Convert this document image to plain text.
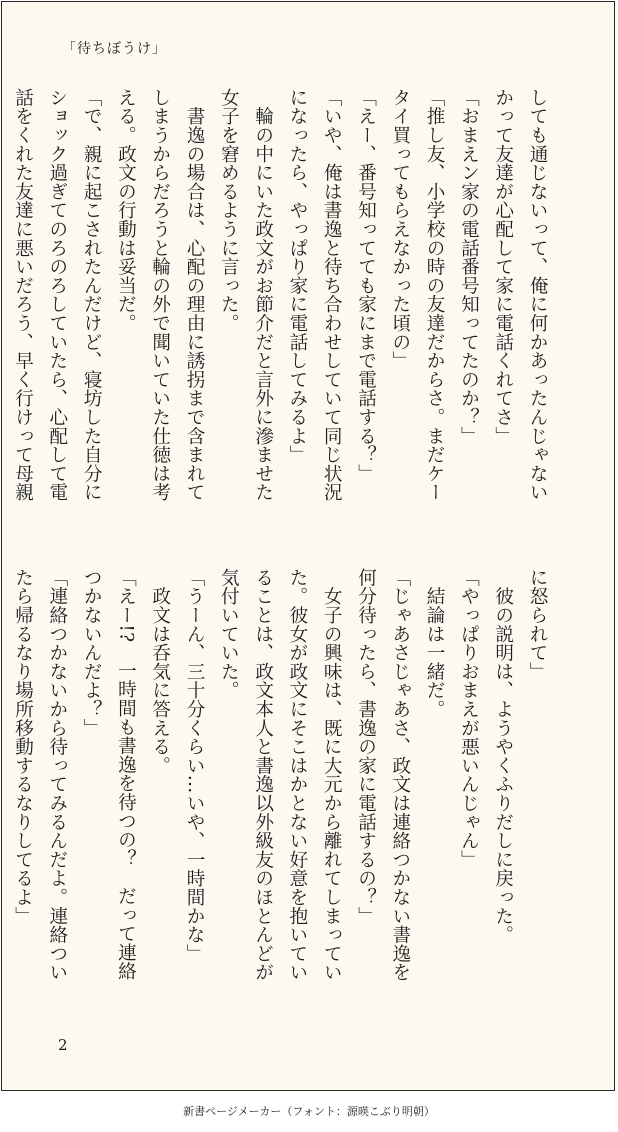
「待ちぼうけ」
しても通じないって、俺に何かあったんじゃない
かって友達が心配して家に電話くれてさ」
「おまえン家の電話番号知ってたのか？」
「推し友、小学校の時の友達だからさ。まだケー
タイ買ってもらえなかった頃の」
「えー、番号知ってても家にまで電話する？」
「いや、俺は書逸と待ち合わせしていて同じ状況
になったら、やっぱり家に電話してみるよ」
　輪の中にいた政文がお節介だと言外に滲ませた
女子を窘めるように言った。
　書逸の場合は、心配の理由に誘拐まで含まれて
しまうからだろうと輪の外で聞いていた仕徳は考
える。政文の行動は妥当だ。
「で、親に起こされたんだけど、寝坊した自分に
ショック過ぎてのろのろしていたら、心配して電
話をくれた友達に悪いだろう、早く行けって母親
に怒られて」
　彼の説明は、ようやくふりだしに戻った。
「やっぱりおまえが悪いんじゃん」
　結論は一緒だ。
「じゃあさじゃあさ、政文は連絡つかない書逸を
何分待ったら、書逸の家に電話するの？」
　女子の興味は、既に大元から離れてしまってい
た。彼女が政文にそこはかとない好意を抱いてい
ることは、政文本人と書逸以外級友のほとんどが
気付いていた。
「うーん、三十分くらい…いや、一時間かな」
　政文は呑気に答える。
「えー!?　一時間も書逸を待つの？　だって連絡
つかないんだよ？」
「連絡つかないから待ってみるんだよ。連絡つい
たら帰るなり場所移動するなりしてるよ」
2
新書ページメーカー（フォント：源暎こぶり明朝）
